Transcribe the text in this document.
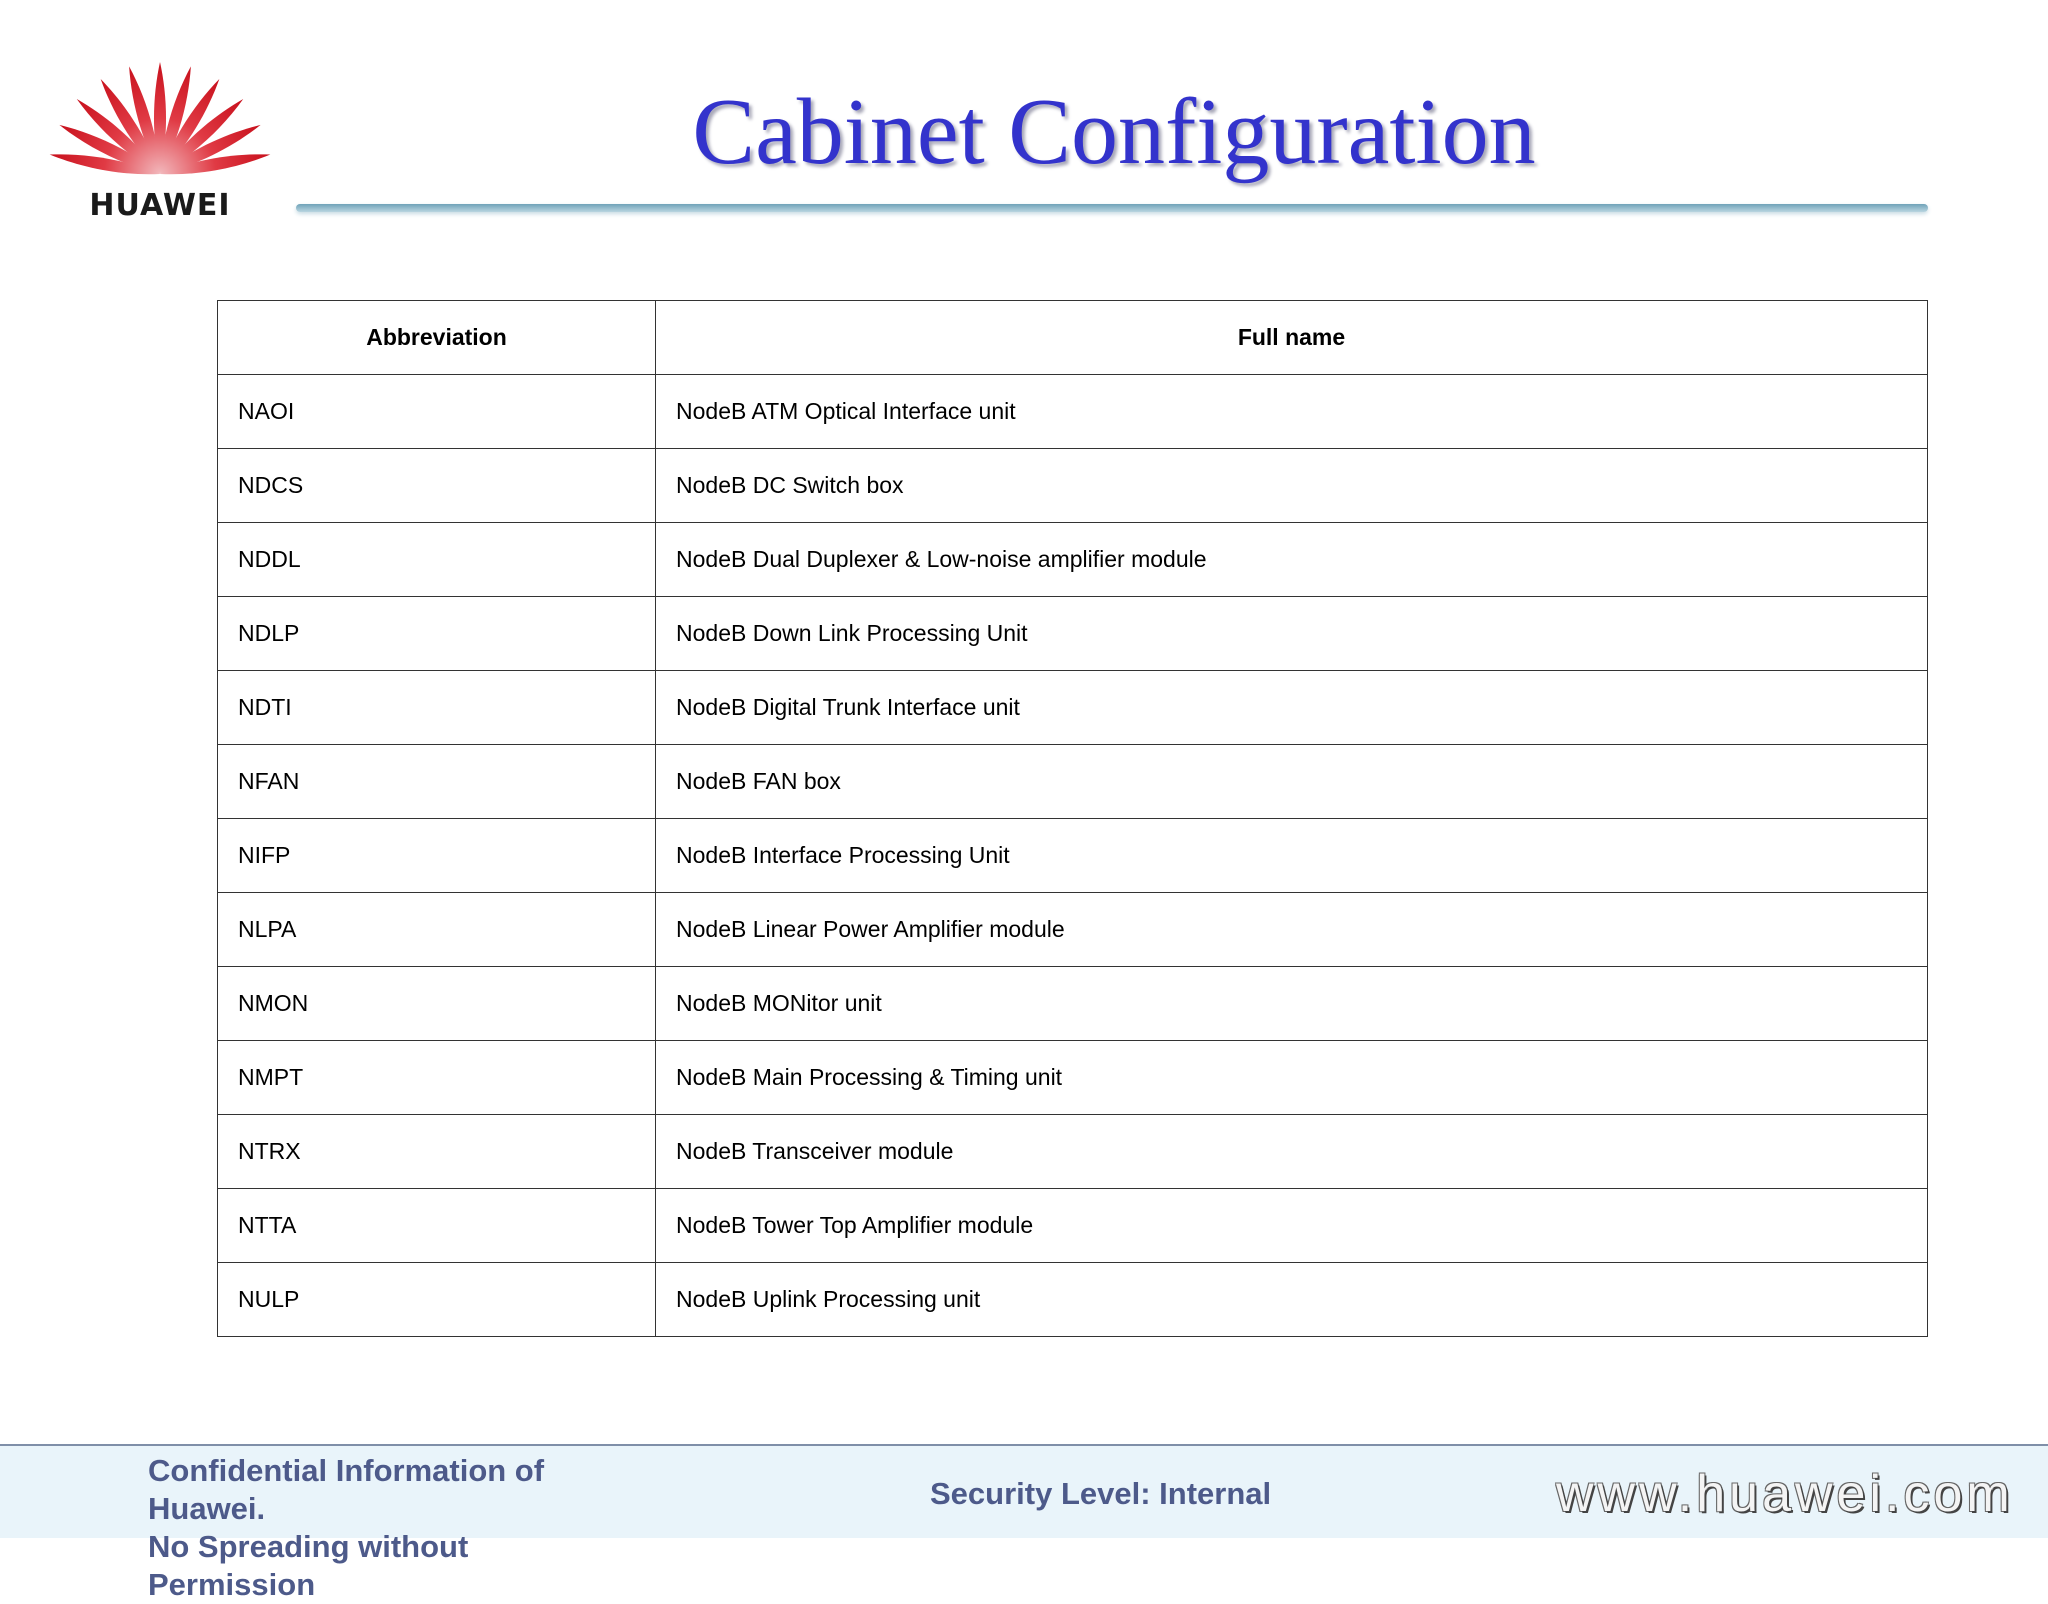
HUAWEI
Cabinet Configuration
Abbreviation	Full name
NAOI	NodeB ATM Optical Interface unit
NDCS	NodeB DC Switch box
NDDL	NodeB Dual Duplexer & Low-noise amplifier module
NDLP	NodeB Down Link Processing Unit
NDTI	NodeB Digital Trunk Interface unit
NFAN	NodeB FAN box
NIFP	NodeB Interface Processing Unit
NLPA	NodeB Linear Power Amplifier module
NMON	NodeB MONitor unit
NMPT	NodeB Main Processing & Timing unit
NTRX	NodeB Transceiver module
NTTA	NodeB Tower Top Amplifier module
NULP	NodeB Uplink Processing unit
Confidential Information of
Huawei.
No Spreading without Permission
Security Level: Internal	www.huawei.com
